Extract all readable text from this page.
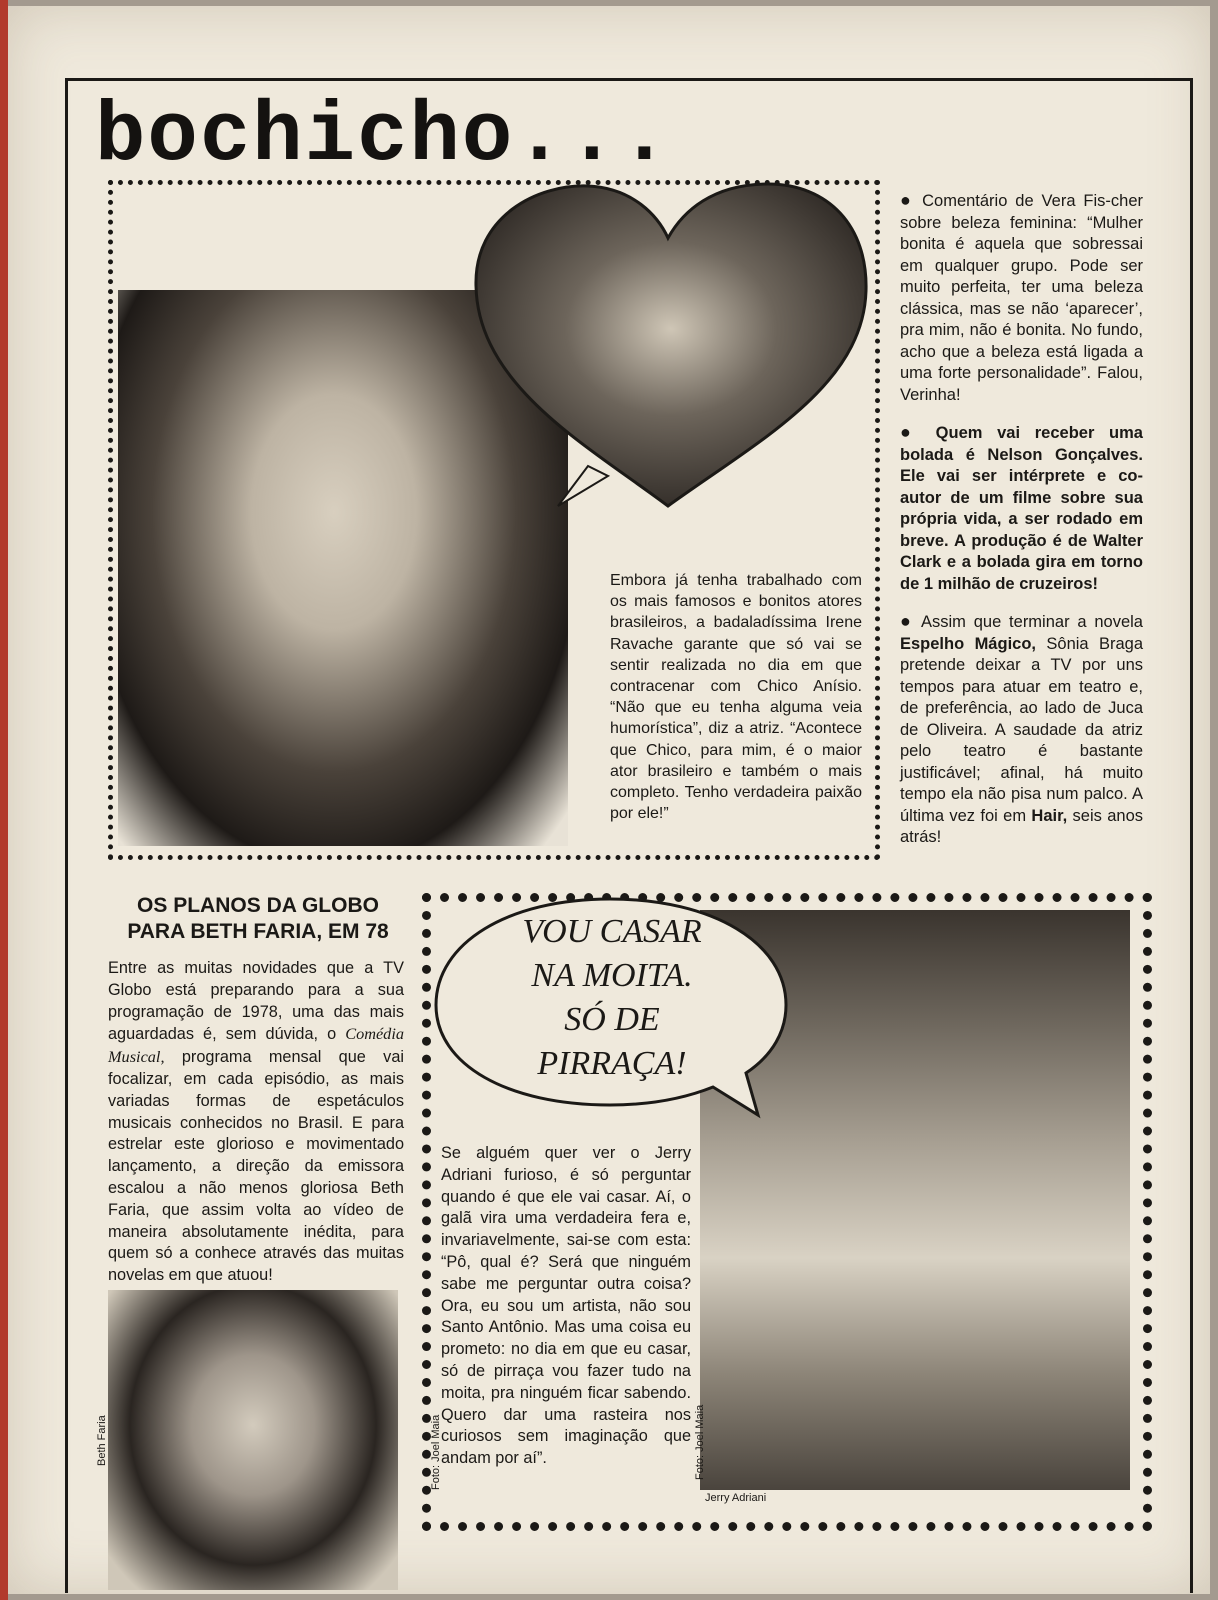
bochicho...
Embora já tenha trabalhado com os mais famosos e bonitos atores brasileiros, a badaladíssima Irene Ravache garante que só vai se sentir realizada no dia em que contracenar com Chico Anísio. “Não que eu tenha alguma veia humorística”, diz a atriz. “Acontece que Chico, para mim, é o maior ator brasileiro e também o mais completo. Tenho verdadeira paixão por ele!”

● Comentário de Vera Fis-cher sobre beleza feminina: “Mulher bonita é aquela que sobressai em qualquer grupo. Pode ser muito perfeita, ter uma beleza clássica, mas se não ‘aparecer’, pra mim, não é bonita. No fundo, acho que a beleza está ligada a uma forte personalidade”. Falou, Verinha!

● Quem vai receber uma bolada é Nelson Gonçalves. Ele vai ser intérprete e co-autor de um filme sobre sua própria vida, a ser rodado em breve. A produção é de Walter Clark e a bolada gira em torno de 1 milhão de cruzeiros!

● Assim que terminar a novela Espelho Mágico, Sônia Braga pretende deixar a TV por uns tempos para atuar em teatro e, de preferência, ao lado de Juca de Oliveira. A saudade da atriz pelo teatro é bastante justificável; afinal, há muito tempo ela não pisa num palco. A última vez foi em Hair, seis anos atrás!

OS PLANOS DA GLOBO PARA BETH FARIA, EM 78
Entre as muitas novidades que a TV Globo está preparando para a sua programação de 1978, uma das mais aguardadas é, sem dúvida, o Comédia Musical, programa mensal que vai focalizar, em cada episódio, as mais variadas formas de espetáculos musicais conhecidos no Brasil. E para estrelar este glorioso e movimentado lançamento, a direção da emissora escalou a não menos gloriosa Beth Faria, que assim volta ao vídeo de maneira absolutamente inédita, para quem só a conhece através das muitas novelas em que atuou!
Beth Faria
VOU CASAR
NA MOITA.
SÓ DE
PIRRAÇA!
Se alguém quer ver o Jerry Adriani furioso, é só perguntar quando é que ele vai casar. Aí, o galã vira uma verdadeira fera e, invariavelmente, sai-se com esta: “Pô, qual é? Será que ninguém sabe me perguntar outra coisa? Ora, eu sou um artista, não sou Santo Antônio. Mas uma coisa eu prometo: no dia em que eu casar, só de pirraça vou fazer tudo na moita, pra ninguém ficar sabendo. Quero dar uma rasteira nos curiosos sem imaginação que andam por aí”.
Jerry Adriani
Foto: Joel Maia	Foto: Joel Maia
